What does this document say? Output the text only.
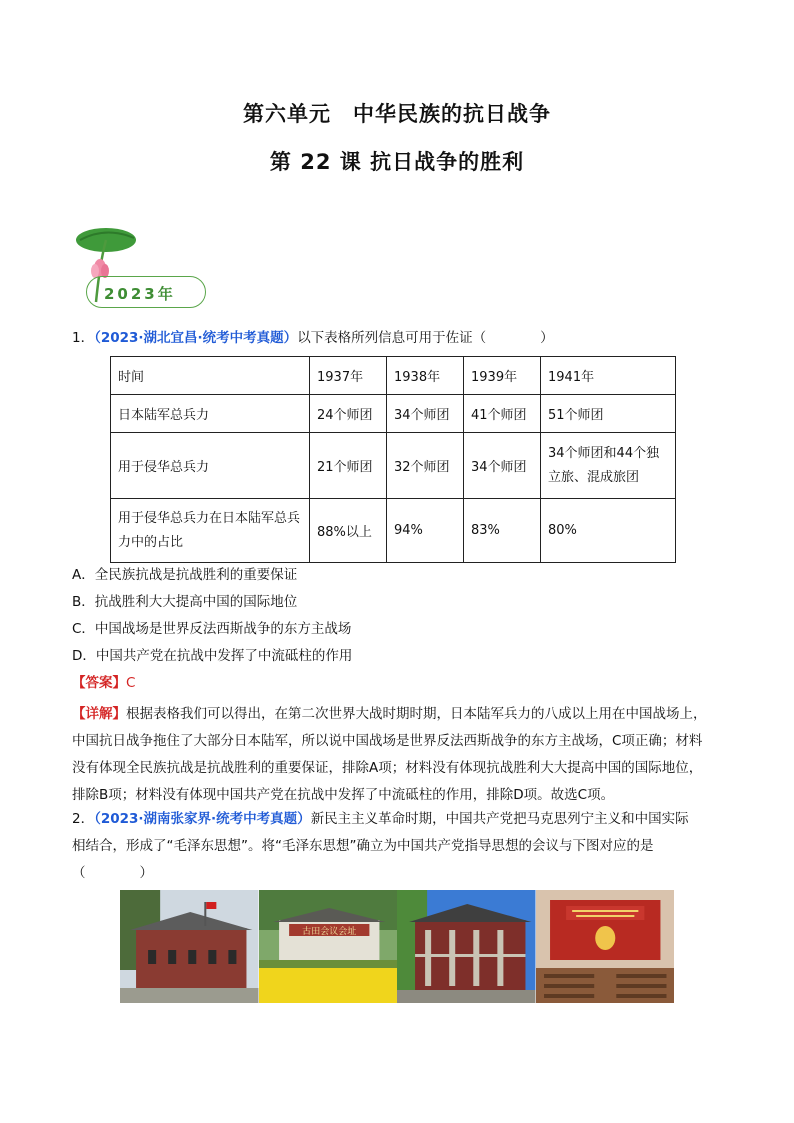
第六单元　中华民族的抗日战争
第 22 课 抗日战争的胜利
2023年
1．（2023·湖北宜昌·统考中考真题）以下表格所列信息可用于佐证（　　　　）
时间	1937年	1938年	1939年	1941年
日本陆军总兵力	24个师团	34个师团	41个师团	51个师团
用于侵华总兵力	21个师团	32个师团	34个师团	34个师团和44个独立旅、混成旅团
用于侵华总兵力在日本陆军总兵力中的占比	88%以上	94%	83%	80%
A．全民族抗战是抗战胜利的重要保证
B．抗战胜利大大提高中国的国际地位
C．中国战场是世界反法西斯战争的东方主战场
D．中国共产党在抗战中发挥了中流砥柱的作用
【答案】C
【详解】根据表格我们可以得出，在第二次世界大战时期时期，日本陆军兵力的八成以上用在中国战场上，
中国抗日战争拖住了大部分日本陆军，所以说中国战场是世界反法西斯战争的东方主战场，C项正确；材料
没有体现全民族抗战是抗战胜利的重要保证，排除A项；材料没有体现抗战胜利大大提高中国的国际地位，
排除B项；材料没有体现中国共产党在抗战中发挥了中流砥柱的作用，排除D项。故选C项。
2．（2023·湖南张家界·统考中考真题）新民主主义革命时期，中国共产党把马克思列宁主义和中国实际
相结合，形成了“毛泽东思想”。将“毛泽东思想”确立为中国共产党指导思想的会议与下图对应的是
（　　　　）
古田会议会址
